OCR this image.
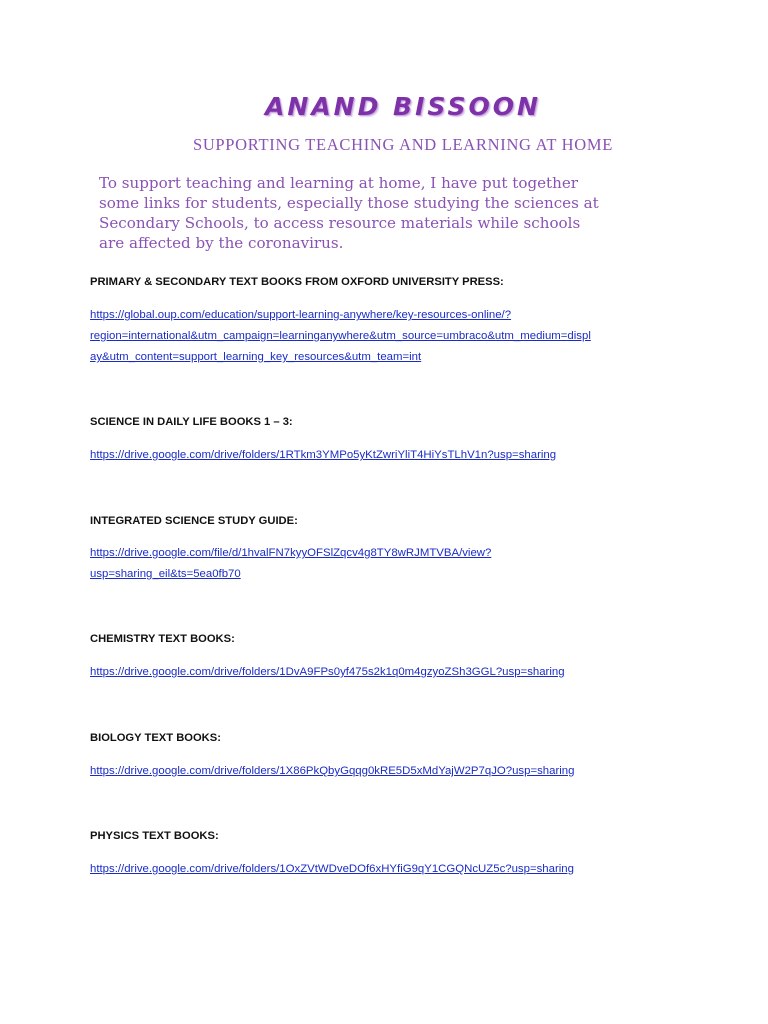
ANAND BISSOON
SUPPORTING TEACHING AND LEARNING AT HOME
To support teaching and learning at home, I have put together
some links for students, especially those studying the sciences at
Secondary Schools, to access resource materials while schools
are affected by the coronavirus.
PRIMARY & SECONDARY TEXT BOOKS FROM OXFORD UNIVERSITY PRESS:
https://global.oup.com/education/support-learning-anywhere/key-resources-online/?
region=international&utm_campaign=learninganywhere&utm_source=umbraco&utm_medium=displ
ay&utm_content=support_learning_key_resources&utm_team=int
SCIENCE IN DAILY LIFE BOOKS 1 – 3:
https://drive.google.com/drive/folders/1RTkm3YMPo5yKtZwriYliT4HiYsTLhV1n?usp=sharing
INTEGRATED SCIENCE STUDY GUIDE:
https://drive.google.com/file/d/1hvalFN7kyyOFSlZqcv4g8TY8wRJMTVBA/view?
usp=sharing_eil&ts=5ea0fb70
CHEMISTRY TEXT BOOKS:
https://drive.google.com/drive/folders/1DvA9FPs0yf475s2k1q0m4gzyoZSh3GGL?usp=sharing
BIOLOGY TEXT BOOKS:
https://drive.google.com/drive/folders/1X86PkQbyGqqg0kRE5D5xMdYajW2P7qJO?usp=sharing
PHYSICS TEXT BOOKS:
https://drive.google.com/drive/folders/1OxZVtWDveDOf6xHYfiG9qY1CGQNcUZ5c?usp=sharing
